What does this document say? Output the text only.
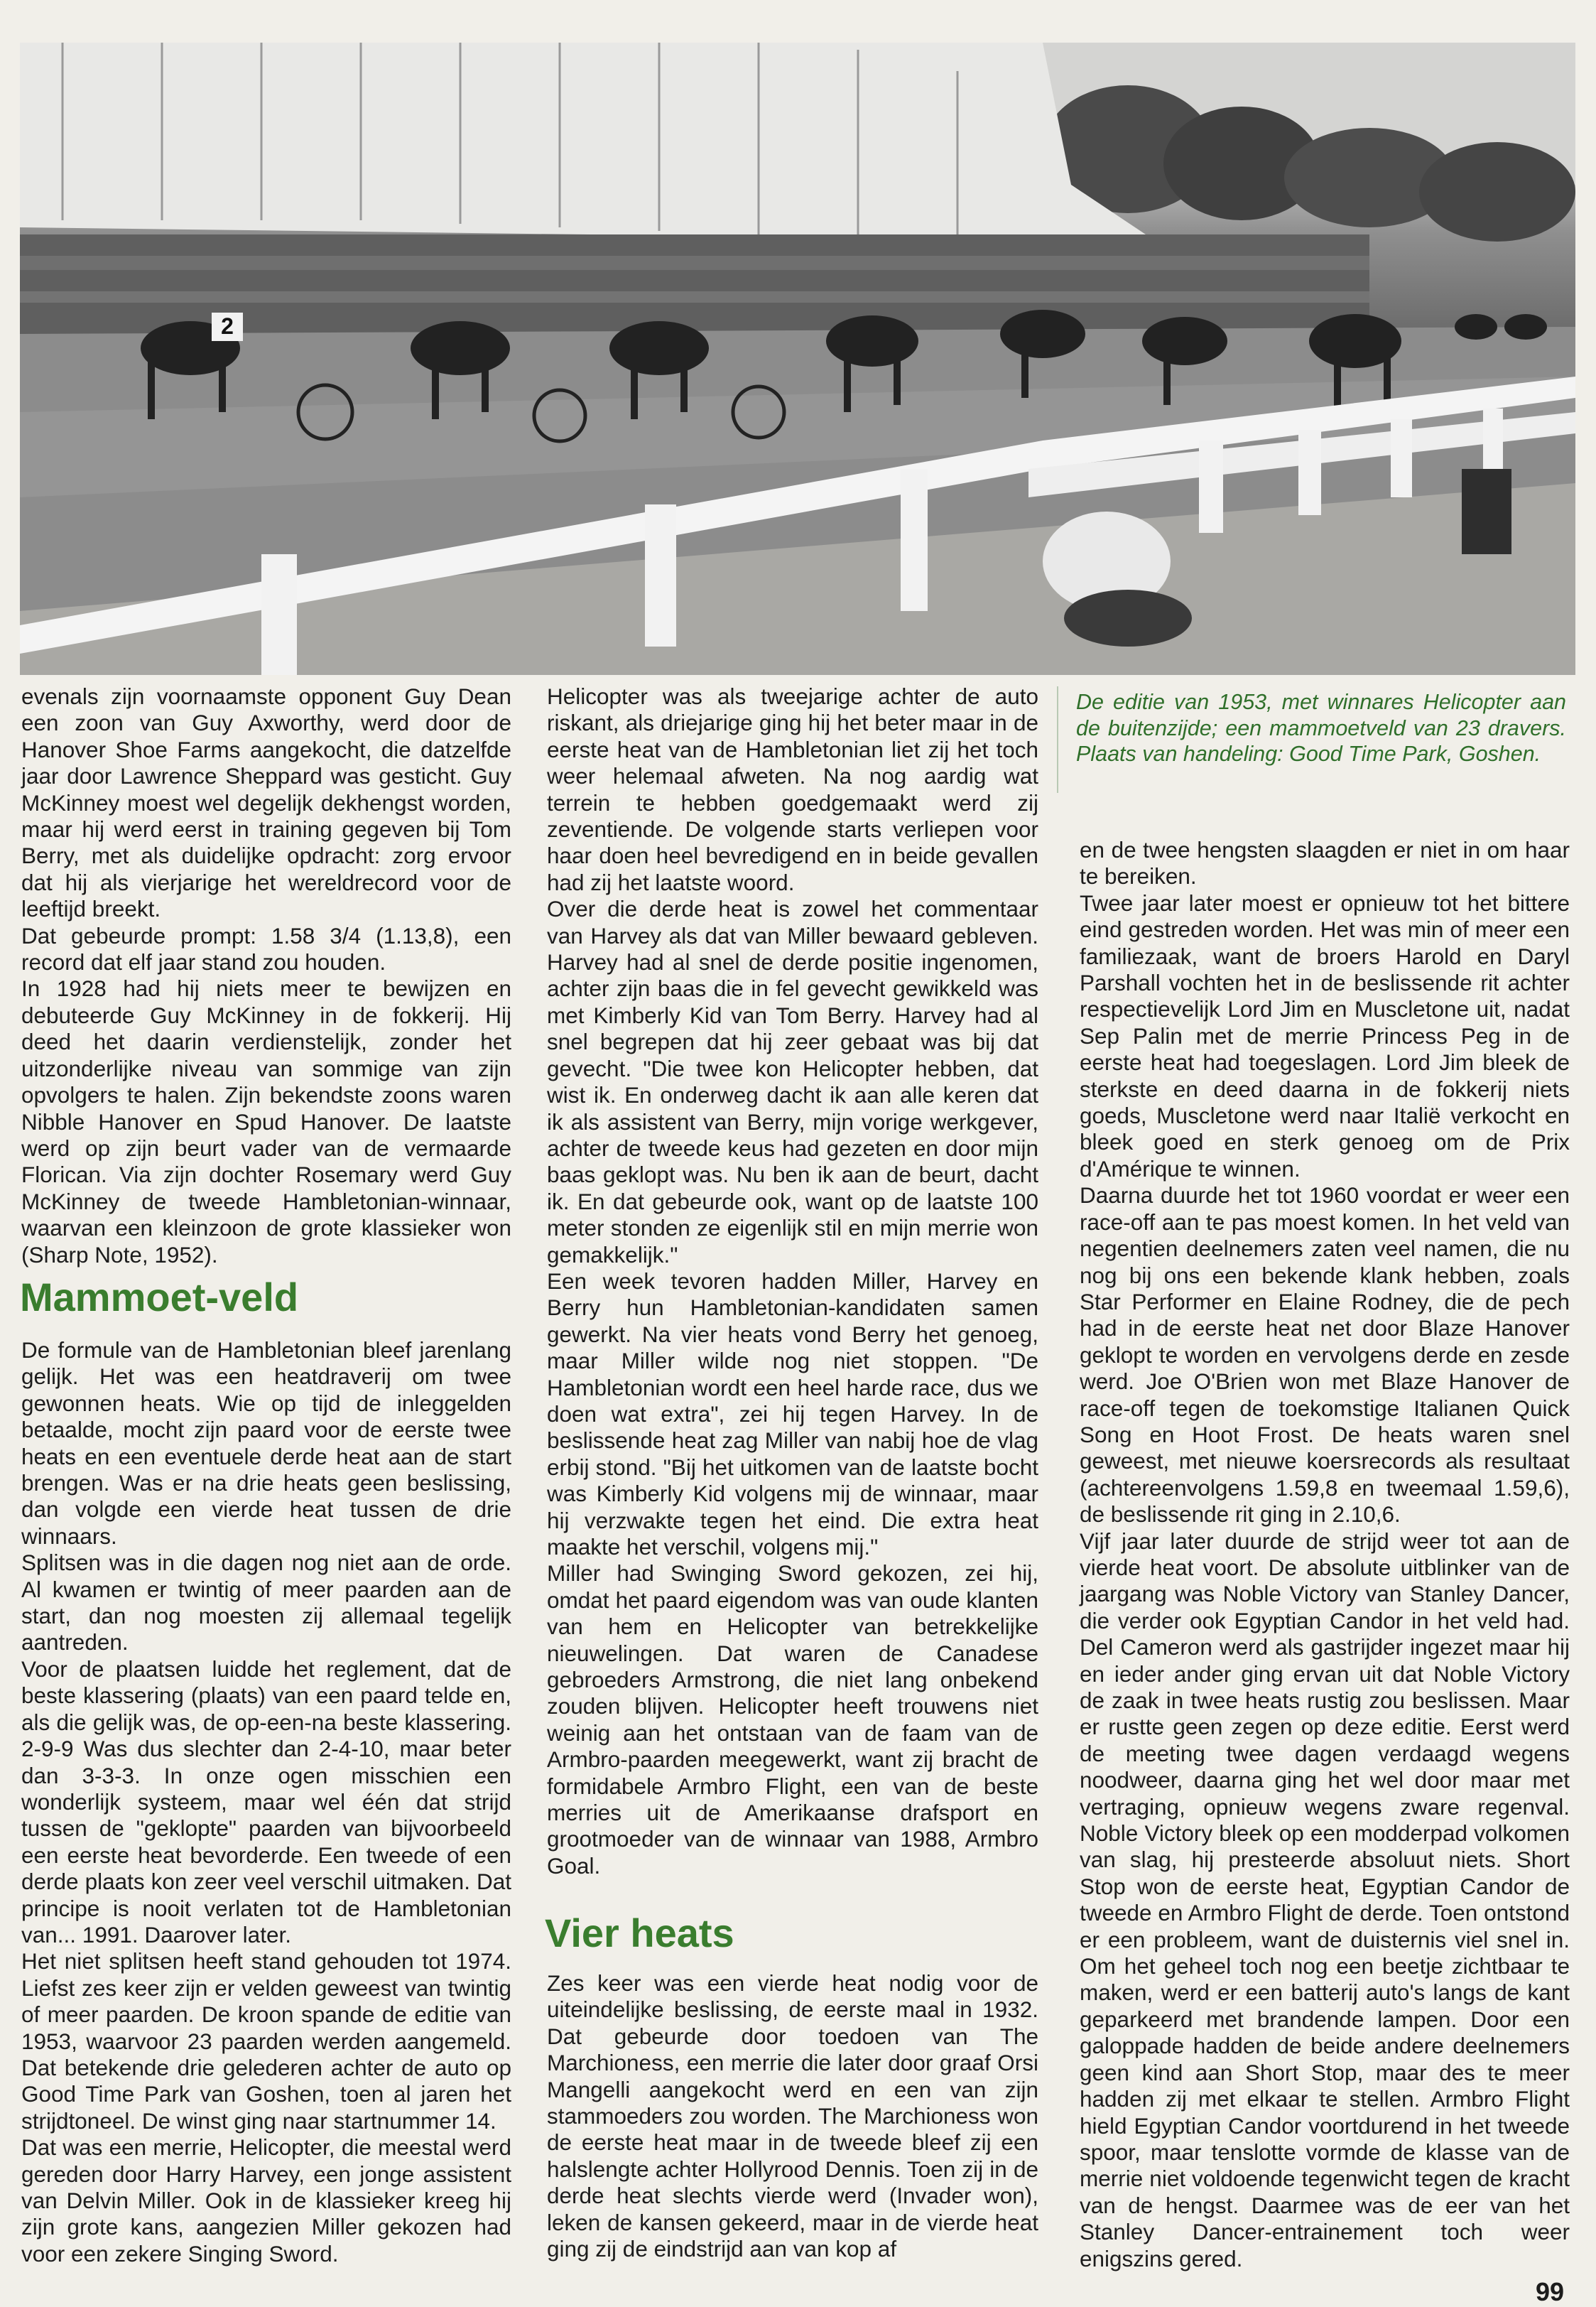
2
De editie van 1953, met winnares Helicopter aan de buitenzijde; een mammoetveld van 23 dravers. Plaats van handeling: Good Time Park, Goshen.

evenals zijn voornaamste opponent Guy Dean een zoon van Guy Axworthy, werd door de Hanover Shoe Farms aangekocht, die datzelfde jaar door Lawrence Sheppard was gesticht. Guy McKinney moest wel degelijk dekhengst worden, maar hij werd eerst in training gegeven bij Tom Berry, met als duidelijke opdracht: zorg ervoor dat hij als vierjarige het wereldrecord voor de leeftijd breekt.

Dat gebeurde prompt: 1.58 3/4 (1.13,8), een record dat elf jaar stand zou houden.

In 1928 had hij niets meer te bewijzen en debuteerde Guy McKinney in de fokkerij. Hij deed het daarin verdienstelijk, zonder het uitzonderlijke niveau van sommige van zijn opvolgers te halen. Zijn bekendste zoons waren Nibble Hanover en Spud Hanover. De laatste werd op zijn beurt vader van de vermaarde Florican. Via zijn dochter Rosemary werd Guy McKinney de tweede Hambletonian-winnaar, waarvan een kleinzoon de grote klassieker won (Sharp Note, 1952).

Mammoet-veld

De formule van de Hambletonian bleef jarenlang gelijk. Het was een heatdraverij om twee gewonnen heats. Wie op tijd de inleggelden betaalde, mocht zijn paard voor de eerste twee heats en een eventuele derde heat aan de start brengen. Was er na drie heats geen beslissing, dan volgde een vierde heat tussen de drie winnaars.

Splitsen was in die dagen nog niet aan de orde. Al kwamen er twintig of meer paarden aan de start, dan nog moesten zij allemaal tegelijk aantreden.

Voor de plaatsen luidde het reglement, dat de beste klassering (plaats) van een paard telde en, als die gelijk was, de op-een-na beste klassering. 2-9-9 Was dus slechter dan 2-4-10, maar beter dan 3-3-3. In onze ogen misschien een wonderlijk systeem, maar wel één dat strijd tussen de "geklopte" paarden van bijvoorbeeld een eerste heat bevorderde. Een tweede of een derde plaats kon zeer veel verschil uitmaken. Dat principe is nooit verlaten tot de Hambletonian van... 1991. Daarover later.

Het niet splitsen heeft stand gehouden tot 1974. Liefst zes keer zijn er velden geweest van twintig of meer paarden. De kroon spande de editie van 1953, waarvoor 23 paarden werden aangemeld. Dat betekende drie gelederen achter de auto op Good Time Park van Goshen, toen al jaren het strijdtoneel. De winst ging naar startnummer 14.

Dat was een merrie, Helicopter, die meestal werd gereden door Harry Harvey, een jonge assistent van Delvin Miller. Ook in de klassieker kreeg hij zijn grote kans, aangezien Miller gekozen had voor een zekere Singing Sword.

Helicopter was als tweejarige achter de auto riskant, als driejarige ging hij het beter maar in de eerste heat van de Hambletonian liet zij het toch weer helemaal afweten. Na nog aardig wat terrein te hebben goedgemaakt werd zij zeventiende. De volgende starts verliepen voor haar doen heel bevredigend en in beide gevallen had zij het laatste woord.

Over die derde heat is zowel het commentaar van Harvey als dat van Miller bewaard gebleven. Harvey had al snel de derde positie ingenomen, achter zijn baas die in fel gevecht gewikkeld was met Kimberly Kid van Tom Berry. Harvey had al snel begrepen dat hij zeer gebaat was bij dat gevecht. "Die twee kon Helicopter hebben, dat wist ik. En onderweg dacht ik aan alle keren dat ik als assistent van Berry, mijn vorige werkgever, achter de tweede keus had gezeten en door mijn baas geklopt was. Nu ben ik aan de beurt, dacht ik. En dat gebeurde ook, want op de laatste 100 meter stonden ze eigenlijk stil en mijn merrie won gemakkelijk."

Een week tevoren hadden Miller, Harvey en Berry hun Hambletonian-kandidaten samen gewerkt. Na vier heats vond Berry het genoeg, maar Miller wilde nog niet stoppen. "De Hambletonian wordt een heel harde race, dus we doen wat extra", zei hij tegen Harvey. In de beslissende heat zag Miller van nabij hoe de vlag erbij stond. "Bij het uitkomen van de laatste bocht was Kimberly Kid volgens mij de winnaar, maar hij verzwakte tegen het eind. Die extra heat maakte het verschil, volgens mij."

Miller had Swinging Sword gekozen, zei hij, omdat het paard eigendom was van oude klanten van hem en Helicopter van betrekkelijke nieuwelingen. Dat waren de Canadese gebroeders Armstrong, die niet lang onbekend zouden blijven. Helicopter heeft trouwens niet weinig aan het ontstaan van de faam van de Armbro-paarden meegewerkt, want zij bracht de formidabele Armbro Flight, een van de beste merries uit de Amerikaanse drafsport en grootmoeder van de winnaar van 1988, Armbro Goal.

Vier heats

Zes keer was een vierde heat nodig voor de uiteindelijke beslissing, de eerste maal in 1932. Dat gebeurde door toedoen van The Marchioness, een merrie die later door graaf Orsi Mangelli aangekocht werd en een van zijn stammoeders zou worden. The Marchioness won de eerste heat maar in de tweede bleef zij een halslengte achter Hollyrood Dennis. Toen zij in de derde heat slechts vierde werd (Invader won), leken de kansen gekeerd, maar in de vierde heat ging zij de eindstrijd aan van kop af

en de twee hengsten slaagden er niet in om haar te bereiken.

Twee jaar later moest er opnieuw tot het bittere eind gestreden worden. Het was min of meer een familiezaak, want de broers Harold en Daryl Parshall vochten het in de beslissende rit achter respectievelijk Lord Jim en Muscletone uit, nadat Sep Palin met de merrie Princess Peg in de eerste heat had toegeslagen. Lord Jim bleek de sterkste en deed daarna in de fokkerij niets goeds, Muscletone werd naar Italië verkocht en bleek goed en sterk genoeg om de Prix d'Amérique te winnen.

Daarna duurde het tot 1960 voordat er weer een race-off aan te pas moest komen. In het veld van negentien deelnemers zaten veel namen, die nu nog bij ons een bekende klank hebben, zoals Star Performer en Elaine Rodney, die de pech had in de eerste heat net door Blaze Hanover geklopt te worden en vervolgens derde en zesde werd. Joe O'Brien won met Blaze Hanover de race-off tegen de toekomstige Italianen Quick Song en Hoot Frost. De heats waren snel geweest, met nieuwe koersrecords als resultaat (achtereenvolgens 1.59,8 en tweemaal 1.59,6), de beslissende rit ging in 2.10,6.

Vijf jaar later duurde de strijd weer tot aan de vierde heat voort. De absolute uitblinker van de jaargang was Noble Victory van Stanley Dancer, die verder ook Egyptian Candor in het veld had. Del Cameron werd als gastrijder ingezet maar hij en ieder ander ging ervan uit dat Noble Victory de zaak in twee heats rustig zou beslissen. Maar er rustte geen zegen op deze editie. Eerst werd de meeting twee dagen verdaagd wegens noodweer, daarna ging het wel door maar met vertraging, opnieuw wegens zware regenval. Noble Victory bleek op een modderpad volkomen van slag, hij presteerde absoluut niets. Short Stop won de eerste heat, Egyptian Candor de tweede en Armbro Flight de derde. Toen ontstond er een probleem, want de duisternis viel snel in. Om het geheel toch nog een beetje zichtbaar te maken, werd er een batterij auto's langs de kant geparkeerd met brandende lampen. Door een galoppade hadden de beide andere deelnemers geen kind aan Short Stop, maar des te meer hadden zij met elkaar te stellen. Armbro Flight hield Egyptian Candor voortdurend in het tweede spoor, maar tenslotte vormde de klasse van de merrie niet voldoende tegenwicht tegen de kracht van de hengst. Daarmee was de eer van het Stanley Dancer-entrainement toch weer enigszins gered.

99
